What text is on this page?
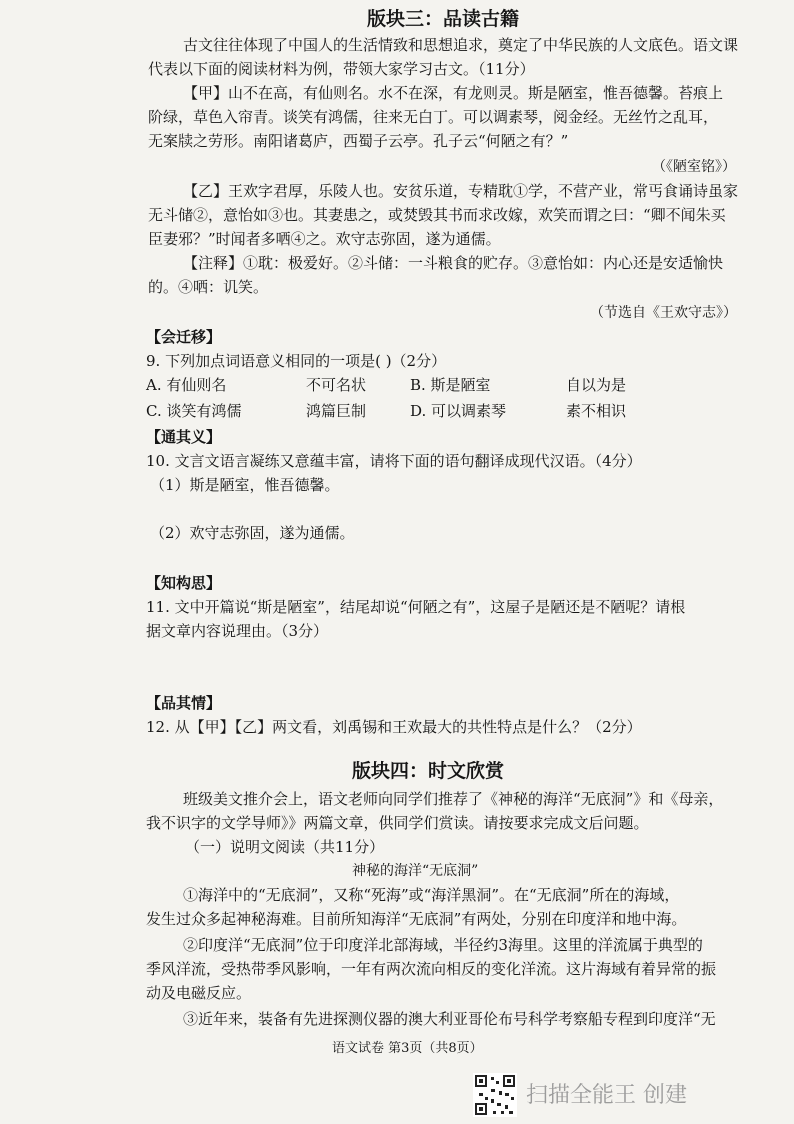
版块三：品读古籍
古文往往体现了中国人的生活情致和思想追求，奠定了中华民族的人文底色。语文课
代表以下面的阅读材料为例，带领大家学习古文。（11分）
【甲】山不在高，有仙则名。水不在深，有龙则灵。斯是陋室，惟吾德馨。苔痕上
阶绿，草色入帘青。谈笑有鸿儒，往来无白丁。可以调素琴，阅金经。无丝竹之乱耳，
无案牍之劳形。南阳诸葛庐，西蜀子云亭。孔子云“何陋之有？”
（《陋室铭》）
【乙】王欢字君厚，乐陵人也。安贫乐道，专精耽①学，不营产业，常丐食诵诗虽家
无斗储②，意怡如③也。其妻患之，或焚毁其书而求改嫁，欢笑而谓之曰：“卿不闻朱买
臣妻邪？”时闻者多哂④之。欢守志弥固，遂为通儒。
【注释】①耽：极爱好。②斗储：一斗粮食的贮存。③意怡如：内心还是安适愉快
的。④哂：讥笑。
（节选自《王欢守志》）
【会迁移】
9. 下列加点词语意义相同的一项是( )（2分）
A. 有仙则名	不可名状	B. 斯是陋室	自以为是
C. 谈笑有鸿儒	鸿篇巨制	D. 可以调素琴	素不相识
【通其义】
10. 文言文语言凝练又意蕴丰富，请将下面的语句翻译成现代汉语。（4分）
（1）斯是陋室，惟吾德馨。
（2）欢守志弥固，遂为通儒。
【知构思】
11. 文中开篇说“斯是陋室”，结尾却说“何陋之有”，这屋子是陋还是不陋呢？请根
据文章内容说理由。（3分）
【品其情】
12. 从【甲】【乙】两文看，刘禹锡和王欢最大的共性特点是什么？（2分）
版块四：时文欣赏
班级美文推介会上，语文老师向同学们推荐了《神秘的海洋“无底洞”》和《母亲，
我不识字的文学导师》》两篇文章，供同学们赏读。请按要求完成文后问题。
（一）说明文阅读（共11分）
神秘的海洋“无底洞”
①海洋中的“无底洞”，又称“死海”或“海洋黑洞”。在“无底洞”所在的海域，
发生过众多起神秘海难。目前所知海洋“无底洞”有两处，分别在印度洋和地中海。
②印度洋“无底洞”位于印度洋北部海域，半径约3海里。这里的洋流属于典型的
季风洋流，受热带季风影响，一年有两次流向相反的变化洋流。这片海域有着异常的振
动及电磁反应。
③近年来，装备有先进探测仪器的澳大利亚哥伦布号科学考察船专程到印度洋“无
语文试卷 第3页（共8页）
扫描全能王 创建
